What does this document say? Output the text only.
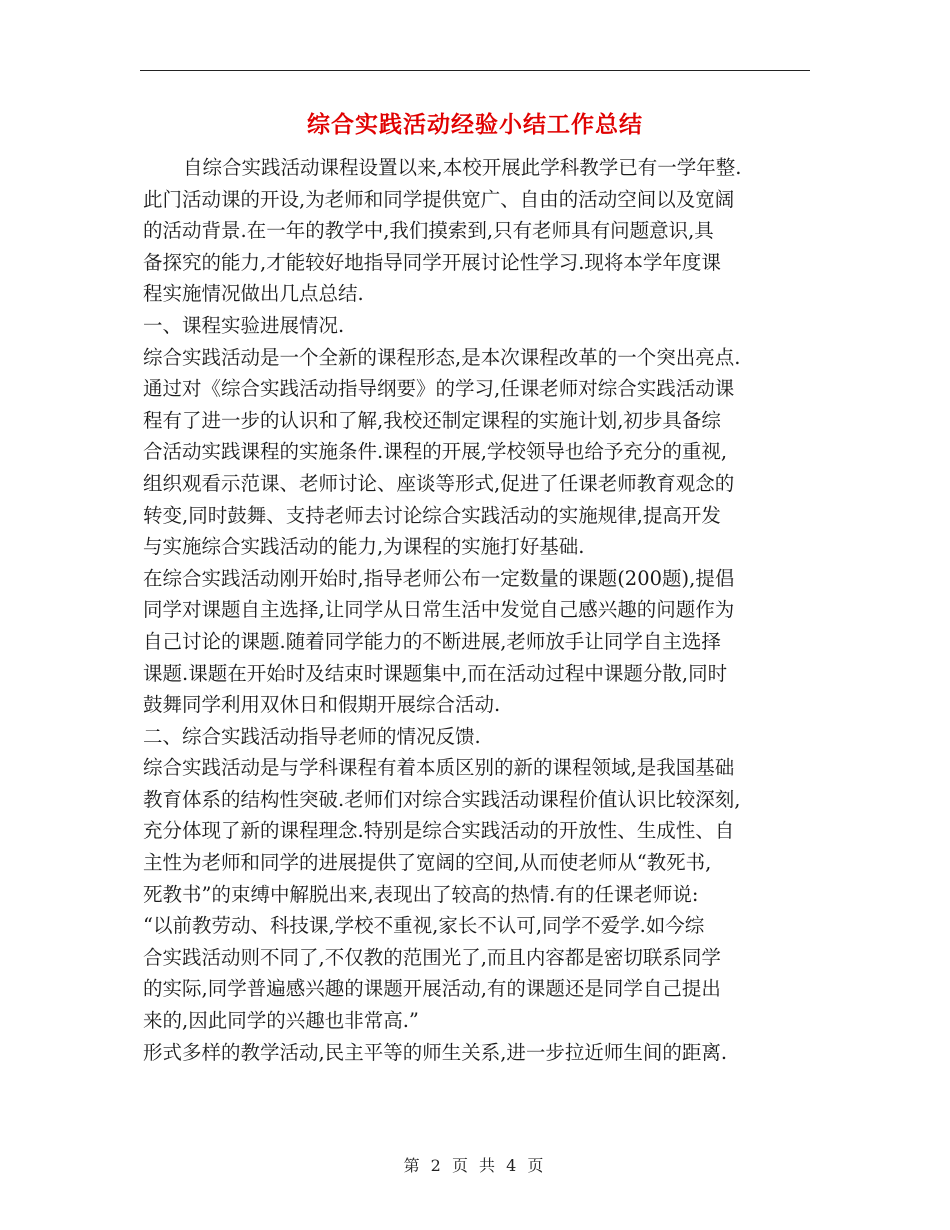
综合实践活动经验小结工作总结
自综合实践活动课程设置以来,本校开展此学科教学已有一学年整.
此门活动课的开设,为老师和同学提供宽广、自由的活动空间以及宽阔
的活动背景.在一年的教学中,我们摸索到,只有老师具有问题意识,具
备探究的能力,才能较好地指导同学开展讨论性学习.现将本学年度课
程实施情况做出几点总结.
一、课程实验进展情况.
综合实践活动是一个全新的课程形态,是本次课程改革的一个突出亮点.
通过对《综合实践活动指导纲要》的学习,任课老师对综合实践活动课
程有了进一步的认识和了解,我校还制定课程的实施计划,初步具备综
合活动实践课程的实施条件.课程的开展,学校领导也给予充分的重视,
组织观看示范课、老师讨论、座谈等形式,促进了任课老师教育观念的
转变,同时鼓舞、支持老师去讨论综合实践活动的实施规律,提高开发
与实施综合实践活动的能力,为课程的实施打好基础.
在综合实践活动刚开始时,指导老师公布一定数量的课题(200题),提倡
同学对课题自主选择,让同学从日常生活中发觉自己感兴趣的问题作为
自己讨论的课题.随着同学能力的不断进展,老师放手让同学自主选择
课题.课题在开始时及结束时课题集中,而在活动过程中课题分散,同时
鼓舞同学利用双休日和假期开展综合活动.
二、综合实践活动指导老师的情况反馈.
综合实践活动是与学科课程有着本质区别的新的课程领域,是我国基础
教育体系的结构性突破.老师们对综合实践活动课程价值认识比较深刻,
充分体现了新的课程理念.特别是综合实践活动的开放性、生成性、自
主性为老师和同学的进展提供了宽阔的空间,从而使老师从“教死书,
死教书”的束缚中解脱出来,表现出了较高的热情.有的任课老师说:
“以前教劳动、科技课,学校不重视,家长不认可,同学不爱学.如今综
合实践活动则不同了,不仅教的范围光了,而且内容都是密切联系同学
的实际,同学普遍感兴趣的课题开展活动,有的课题还是同学自己提出
来的,因此同学的兴趣也非常高.”
形式多样的教学活动,民主平等的师生关系,进一步拉近师生间的距离.
第 2 页 共 4 页
